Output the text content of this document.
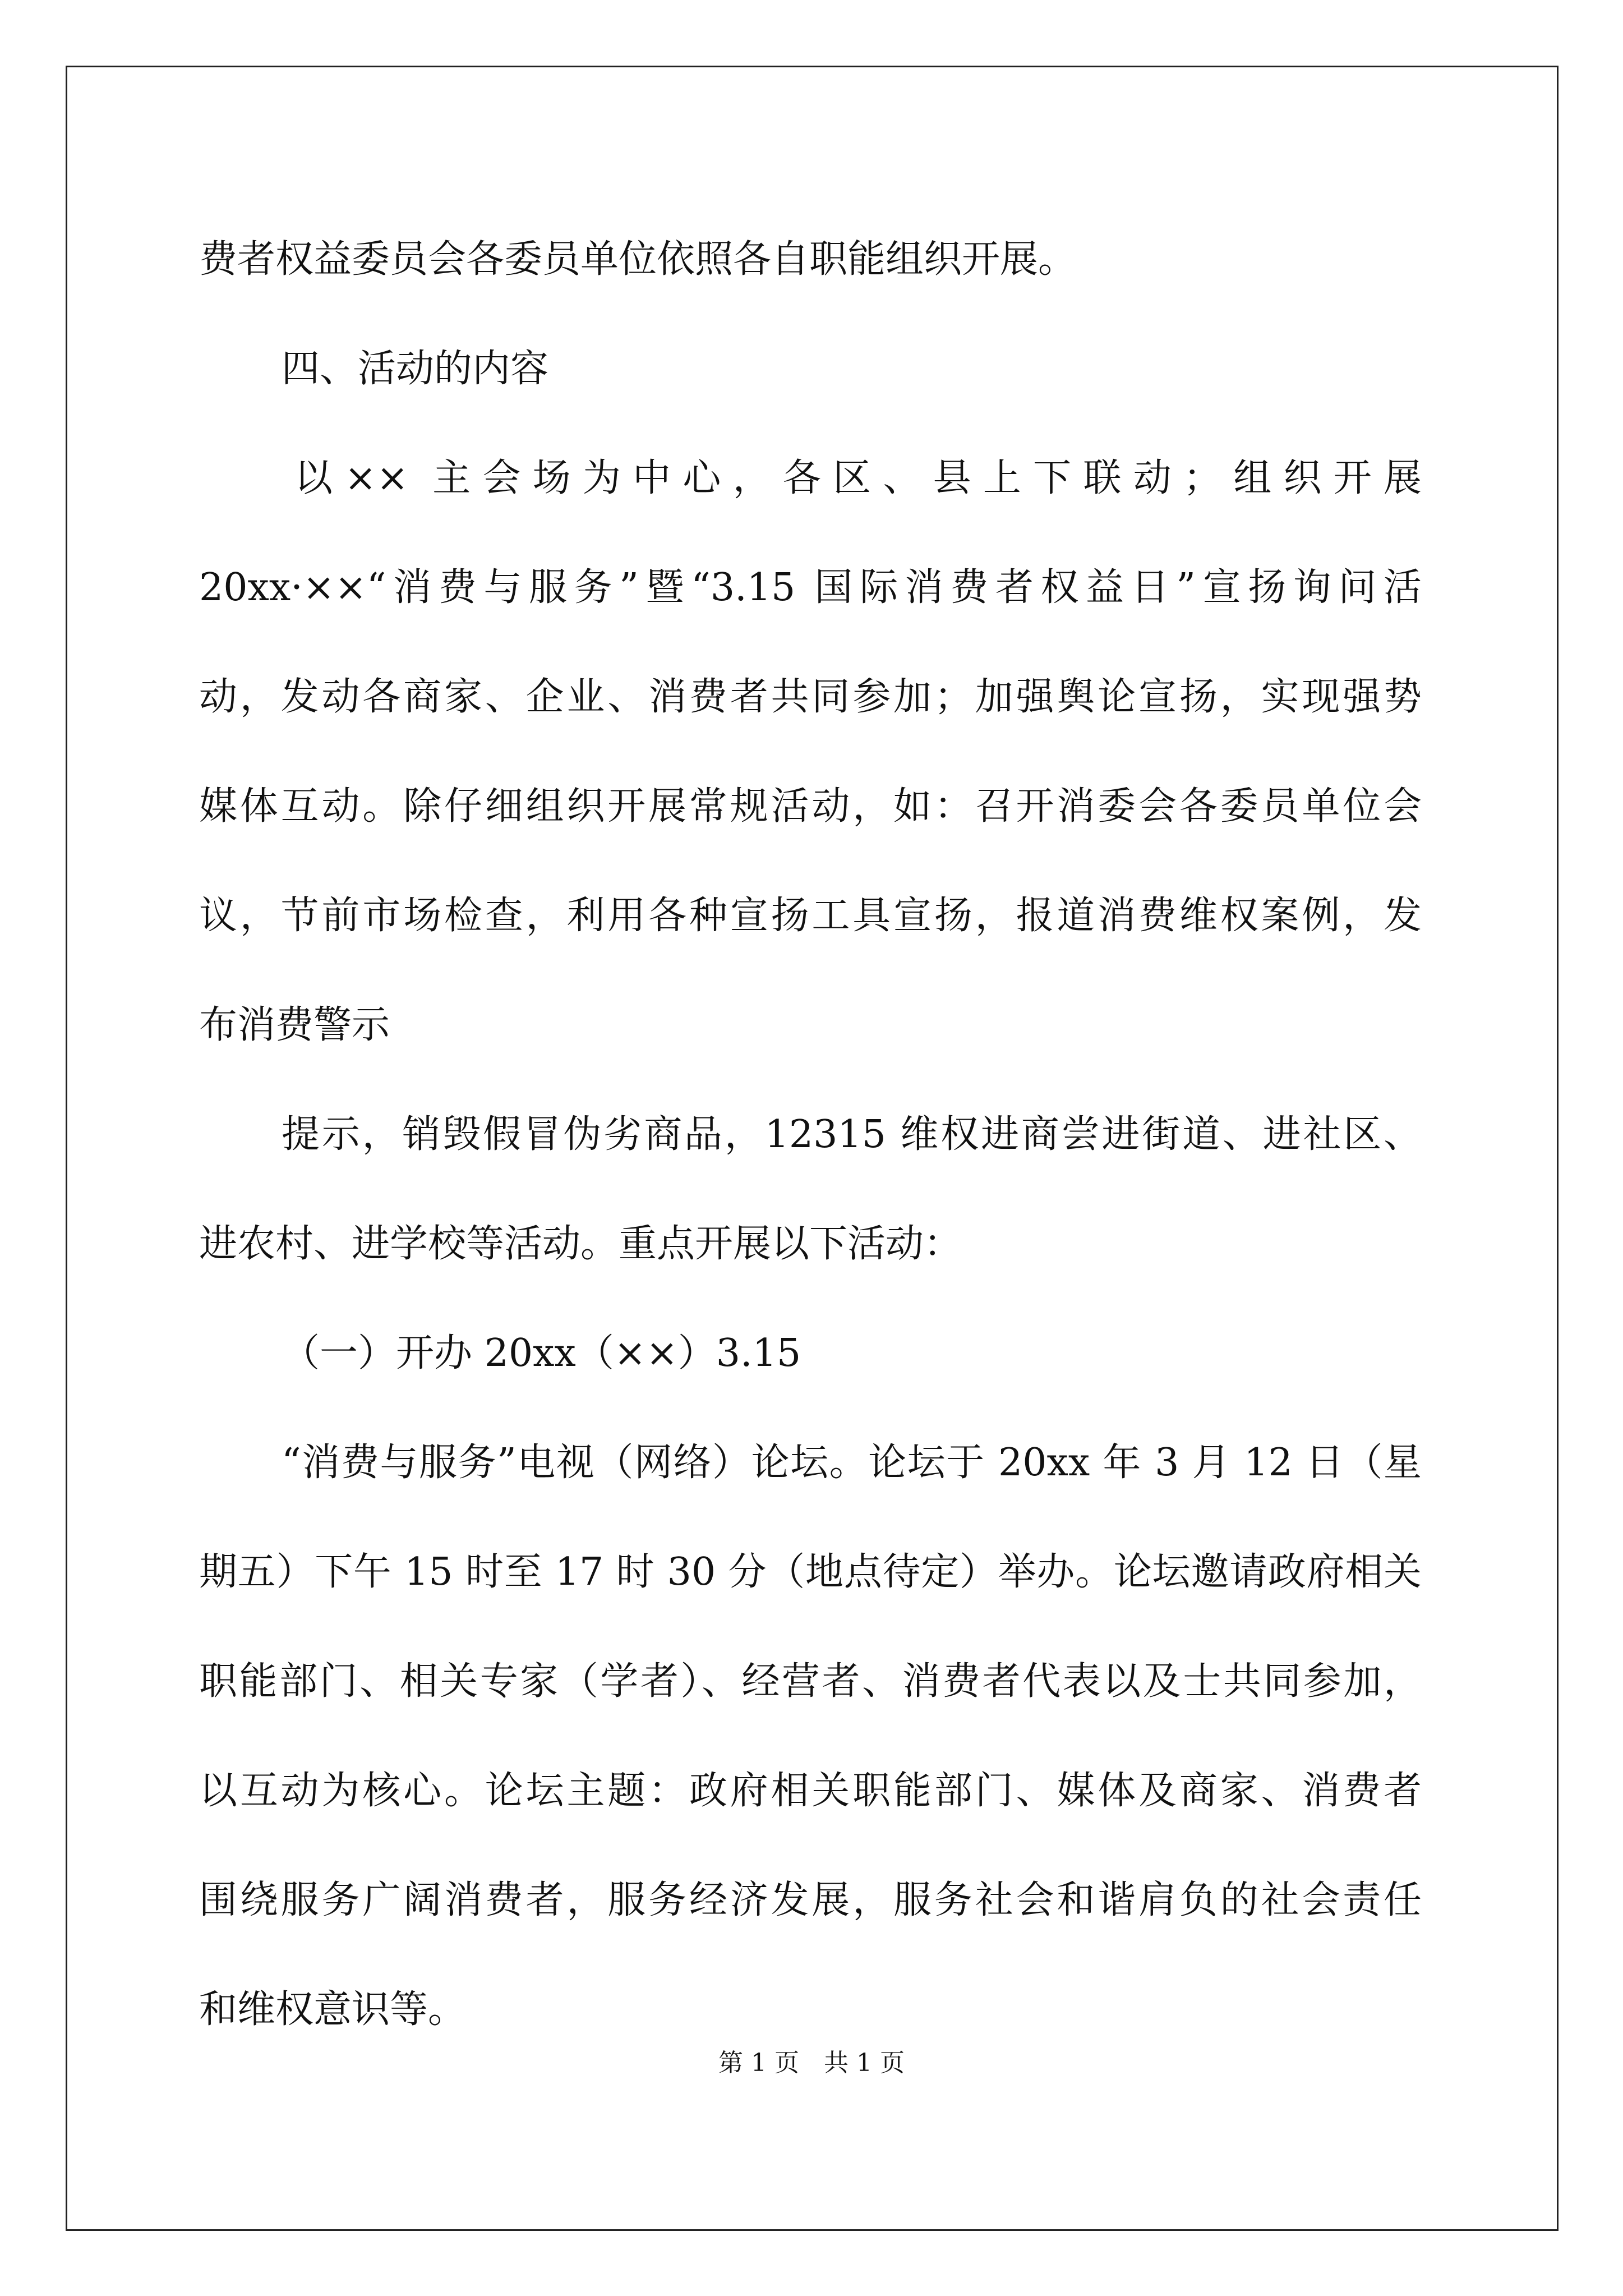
费者权益委员会各委员单位依照各自职能组织开展。
四、活动的内容
以×× 主会场为中心，各区、县上下联动；组织开展
20xx·××“消费与服务”暨“3.15 国际消费者权益日”宣扬询问活
动，发动各商家、企业、消费者共同参加；加强舆论宣扬，实现强势
媒体互动。除仔细组织开展常规活动，如：召开消委会各委员单位会
议，节前市场检查，利用各种宣扬工具宣扬，报道消费维权案例，发
布消费警示
提示，销毁假冒伪劣商品，12315 维权进商尝进街道、进社区、
进农村、进学校等活动。重点开展以下活动：
（一）开办 20xx（××）3.15
“消费与服务”电视（网络）论坛。论坛于 20xx 年 3 月 12 日（星
期五）下午 15 时至 17 时 30 分（地点待定）举办。论坛邀请政府相关
职能部门、相关专家（学者）、经营者、消费者代表以及士共同参加，
以互动为核心。论坛主题：政府相关职能部门、媒体及商家、消费者
围绕服务广阔消费者，服务经济发展，服务社会和谐肩负的社会责任
和维权意识等。
第 1 页　共 1 页
